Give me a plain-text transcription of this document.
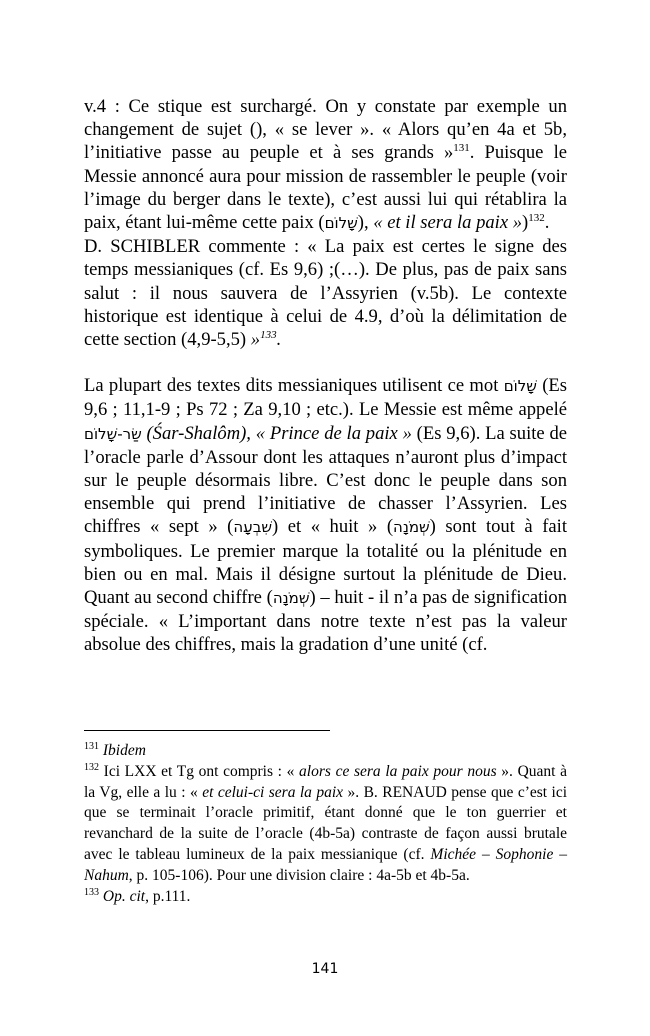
v.4 : Ce stique est surchargé. On y constate par exemple un changement de sujet (), « se lever ». « Alors qu’en 4a et 5b, l’initiative passe au peuple et à ses grands »$^{131}$. Puisque le Messie annoncé aura pour mission de rassembler le peuple (voir l’image du berger dans le texte), c’est aussi lui qui rétablira la paix, étant lui-même cette paix (שָׁלוֹם), « et il sera la paix »)$^{132}$.

D. SCHIBLER commente : « La paix est certes le signe des temps messianiques (cf. Es 9,6) ;(…). De plus, pas de paix sans salut : il nous sauvera de l’Assyrien (v.5b). Le contexte historique est identique à celui de 4.9, d’où la délimitation de cette section (4,9-5,5) »$^{133}$.

La plupart des textes dits messianiques utilisent ce mot שָׁלוֹם (Es 9,6 ; 11,1-9 ; Ps 72 ; Za 9,10 ; etc.). Le Messie est même appelé שַׂר-שָׁלוֹם (Śar-Shalôm), « Prince de la paix » (Es 9,6). La suite de l’oracle parle d’Assour dont les attaques n’auront plus d’impact sur le peuple désormais libre. C’est donc le peuple dans son ensemble qui prend l’initiative de chasser l’Assyrien. Les chiffres « sept » (שִׁבְעָה) et « huit » (שְׁמֹנָה) sont tout à fait symboliques. Le premier marque la totalité ou la plénitude en bien ou en mal. Mais il désigne surtout la plénitude de Dieu. Quant au second chiffre (שְׁמֹנָה) – huit - il n’a pas de signification spéciale. « L’important dans notre texte n’est pas la valeur absolue des chiffres, mais la gradation d’une unité (cf.

$^{131}$ Ibidem

$^{132}$ Ici LXX et Tg ont compris : « alors ce sera la paix pour nous ». Quant à la Vg, elle a lu : « et celui-ci sera la paix ». B. RENAUD pense que c’est ici que se terminait l’oracle primitif, étant donné que le ton guerrier et revanchard de la suite de l’oracle (4b-5a) contraste de façon aussi brutale avec le tableau lumineux de la paix messianique (cf. Michée – Sophonie – Nahum, p. 105-106). Pour une division claire : 4a-5b et 4b-5a.

$^{133}$ Op. cit, p.111.

141
